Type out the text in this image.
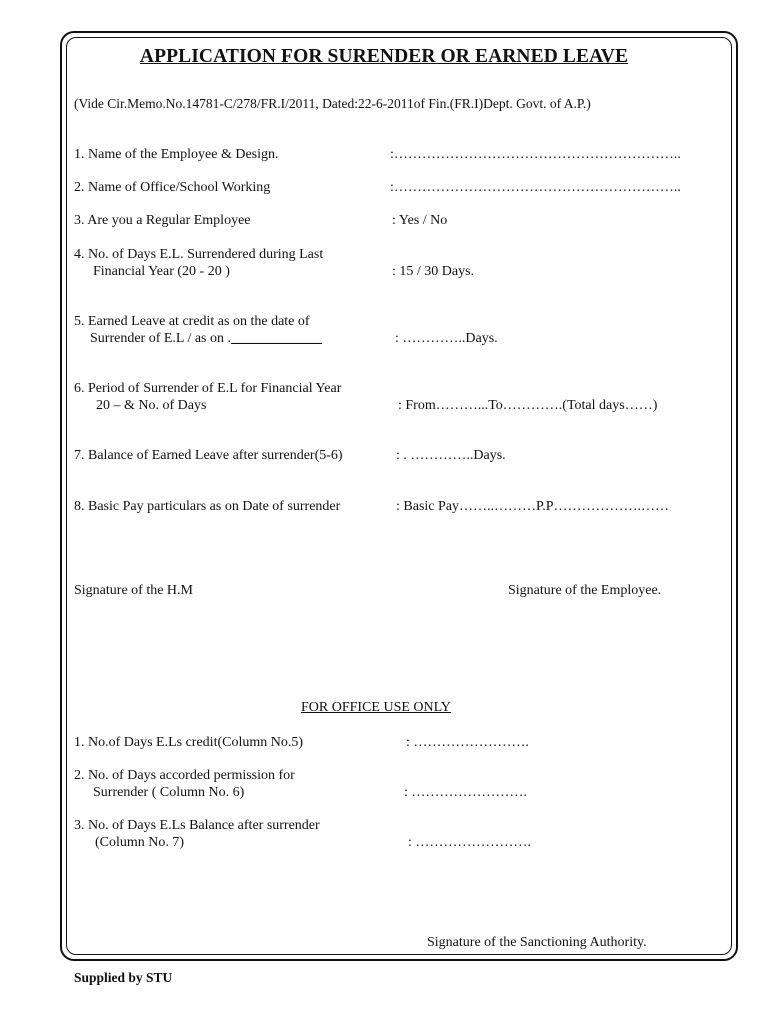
APPLICATION FOR SURENDER OR EARNED LEAVE
(Vide Cir.Memo.No.14781-C/278/FR.I/2011, Dated:22-6-2011of Fin.(FR.I)Dept. Govt. of A.P.)
1. Name of the Employee & Design.	:……………………………………………………..
2. Name of Office/School Working	:……………………………………………………..
3. Are you a Regular Employee	: Yes / No
4. No. of Days E.L. Surrendered during Last
Financial Year (20 - 20 )	: 15 / 30 Days.
5. Earned Leave at credit as on the date of
Surrender of E.L / as on ._____________	: …………..Days.
6. Period of Surrender of E.L for Financial Year
20 – & No. of Days	: From………...To………….(Total days……)
7. Balance of Earned Leave after surrender(5-6)	: . …………..Days.
8. Basic Pay particulars as on Date of surrender	: Basic Pay……..………P.P……………….……
Signature of the H.M	Signature of the Employee.
FOR OFFICE USE ONLY
1. No.of Days E.Ls credit(Column No.5)	: …………………….
2. No. of Days accorded permission for
Surrender ( Column No. 6)	: …………………….
3. No. of Days E.Ls Balance after surrender
(Column No. 7)	: …………………….
Signature of the Sanctioning Authority.
Supplied by STU
